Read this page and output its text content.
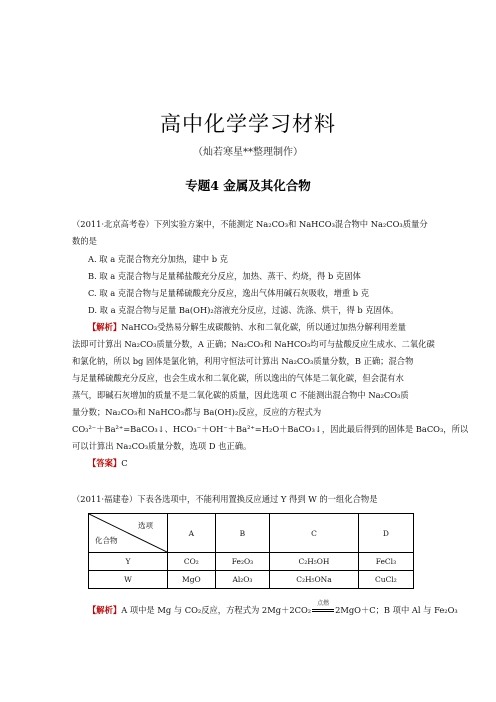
高中化学学习材料
（灿若寒星**整理制作）
专题4 金属及其化合物
（2011·北京高考卷）下列实验方案中，不能测定 Na₂CO₃和 NaHCO₃混合物中 Na₂CO₃质量分
数的是
A. 取 a 克混合物充分加热，建中 b 克
B. 取 a 克混合物与足量稀盐酸充分反应，加热、蒸干、灼烧，得 b 克固体
C. 取 a 克混合物与足量稀硫酸充分反应，逸出气体用碱石灰吸收，增重 b 克
D. 取 a 克混合物与足量 Ba(OH)₂溶液充分反应，过滤、洗涤、烘干，得 b 克固体。
【解析】NaHCO₃受热易分解生成碳酸钠、水和二氧化碳，所以通过加热分解利用差量
法即可计算出 Na₂CO₃质量分数，A 正确；Na₂CO₃和 NaHCO₃均可与盐酸反应生成水、二氧化碳
和氯化钠，所以 bg 固体是氯化钠，利用守恒法可计算出 Na₂CO₃质量分数，B 正确；混合物
与足量稀硫酸充分反应，也会生成水和二氧化碳，所以逸出的气体是二氧化碳，但会混有水
蒸气，即碱石灰增加的质量不是二氧化碳的质量，因此选项 C 不能测出混合物中 Na₂CO₃质
量分数；Na₂CO₃和 NaHCO₃都与 Ba(OH)₂反应，反应的方程式为
CO₃²⁻＋Ba²⁺=BaCO₃↓、HCO₃⁻＋OH⁻＋Ba²⁺=H₂O＋BaCO₃↓，因此最后得到的固体是 BaCO₃，所以
可以计算出 Na₂CO₃质量分数，选项 D 也正确。
【答案】C
（2011·福建卷）下表各选项中，不能利用置换反应通过 Y 得到 W 的一组化合物是
选项
化合物	A	B	C	D
Y	CO₂	Fe₂O₃	C₂H₅OH	FeCl₃
W	MgO	Al₂O₃	C₂H₅ONa	CuCl₂
【解析】A 项中是 Mg 与 CO₂反应，方程式为 2Mg＋2CO₂
点燃
2MgO＋C；B 项中 Al 与 Fe₂O₃
